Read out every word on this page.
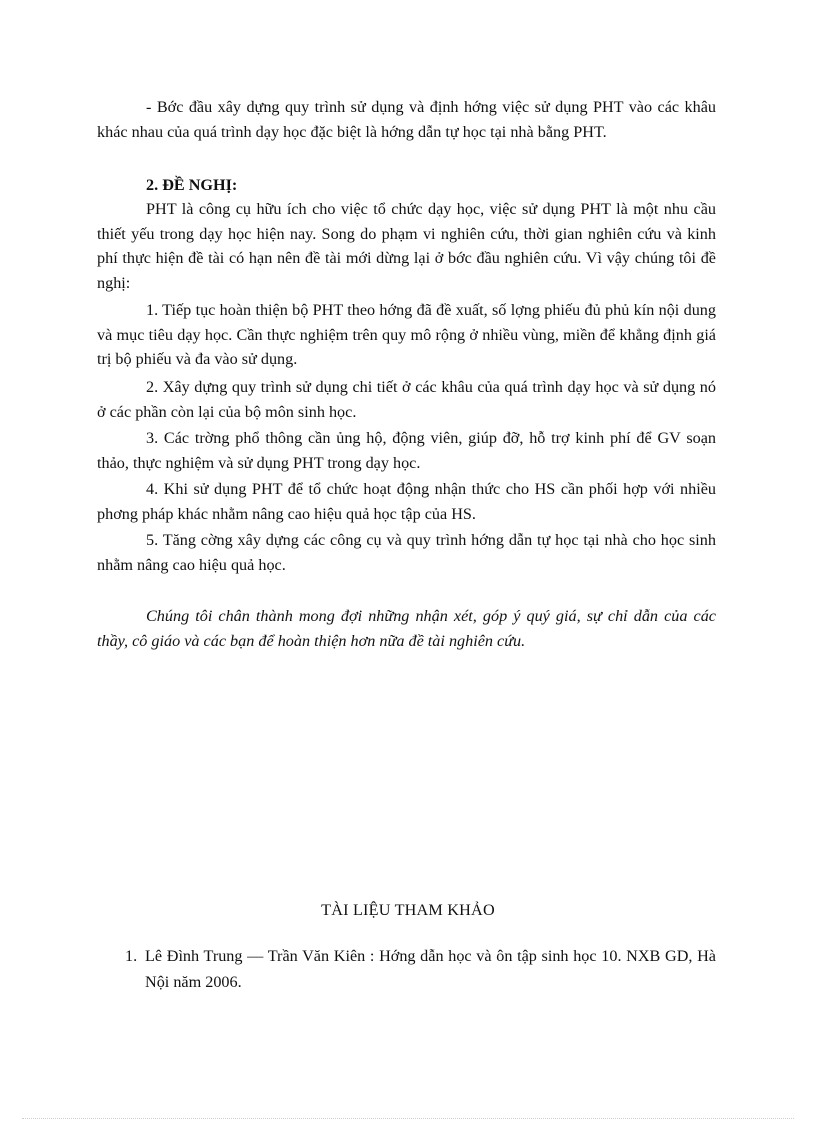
- Bớc đầu xây dựng quy trình sử dụng và định hớng việc sử dụng PHT vào các khâu khác nhau của quá trình dạy học đặc biệt là hớng dẫn tự học tại nhà bằng PHT.

2. ĐỀ NGHỊ:

PHT là công cụ hữu ích cho việc tổ chức dạy học, việc sử dụng PHT là một nhu cầu thiết yếu trong dạy học hiện nay. Song do phạm vi nghiên cứu, thời gian nghiên cứu và kinh phí thực hiện đề tài có hạn nên đề tài mới dừng lại ở bớc đầu nghiên cứu. Vì vậy chúng tôi đề nghị:

1. Tiếp tục hoàn thiện bộ PHT theo hớng đã đề xuất, số lợng phiếu đủ phủ kín nội dung và mục tiêu dạy học. Cần thực nghiệm trên quy mô rộng ở nhiều vùng, miền để khẳng định giá trị bộ phiếu và đa vào sử dụng.

2. Xây dựng quy trình sử dụng chi tiết ở các khâu của quá trình dạy học và sử dụng nó ở các phần còn lại của bộ môn sinh học.

3. Các trờng phổ thông cần ủng hộ, động viên, giúp đỡ, hỗ trợ kinh phí để GV soạn thảo, thực nghiệm và sử dụng PHT trong dạy học.

4. Khi sử dụng PHT để tổ chức hoạt động nhận thức cho HS cần phối hợp với nhiều phơng pháp khác nhằm nâng cao hiệu quả học tập của HS.

5. Tăng cờng xây dựng các công cụ và quy trình hớng dẫn tự học tại nhà cho học sinh nhằm nâng cao hiệu quả học.

Chúng tôi chân thành mong đợi những nhận xét, góp ý quý giá, sự chỉ dẫn của các thầy, cô giáo và các bạn để hoàn thiện hơn nữa đề tài nghiên cứu.

TÀI LIỆU THAM KHẢO

1. Lê Đình Trung — Trần Văn Kiên : Hớng dẫn học và ôn tập sinh học 10. NXB GD, Hà Nội năm 2006.
